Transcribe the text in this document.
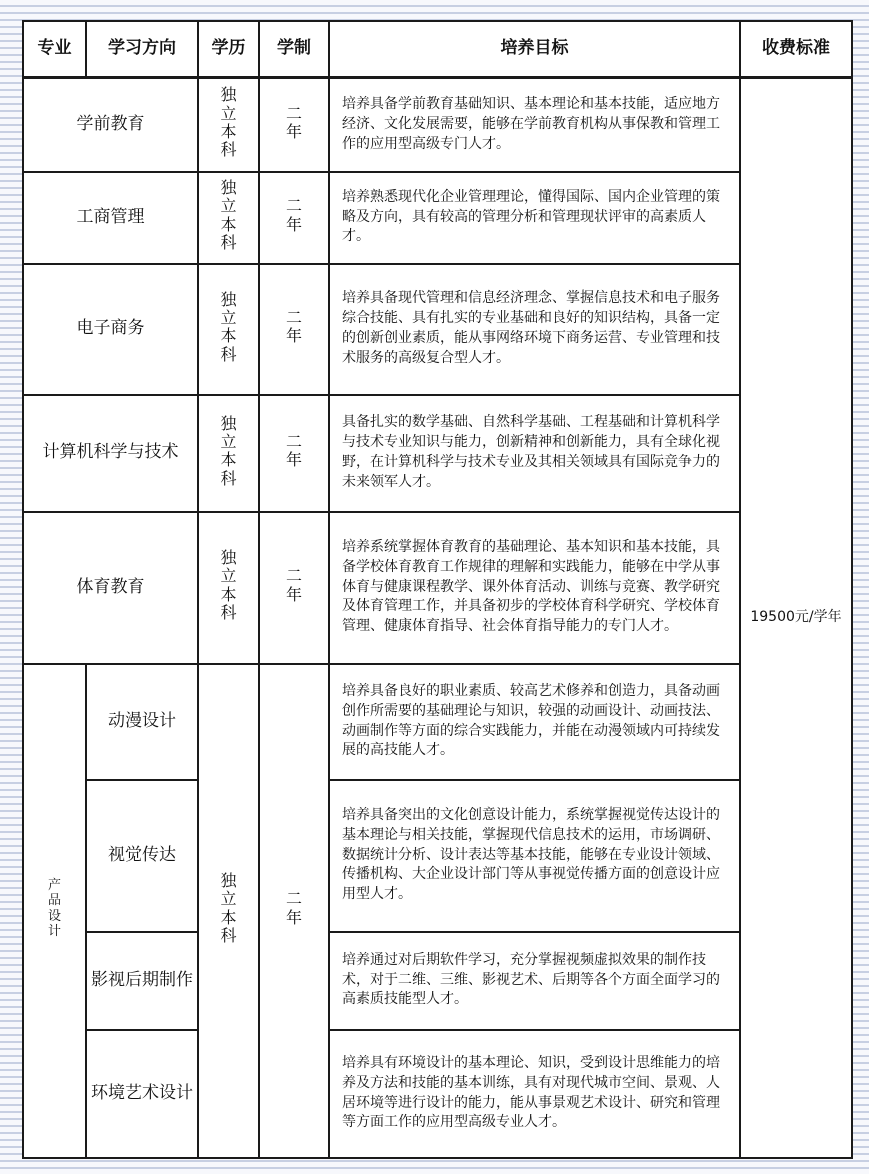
专业	学习方向	学历	学制	培养目标	收费标准
学前教育		独立本科	二年	培养具备学前教育基础知识、基本理论和基本技能，适应地方经济、文化发展需要，能够在学前教育机构从事保教和管理工作的应用型高级专门人才。	19500元/学年
工商管理		独立本科	二年	培养熟悉现代化企业管理理论，懂得国际、国内企业管理的策略及方向，具有较高的管理分析和管理现状评审的高素质人才。	
电子商务		独立本科	二年	培养具备现代管理和信息经济理念、掌握信息技术和电子服务综合技能、具有扎实的专业基础和良好的知识结构，具备一定的创新创业素质，能从事网络环境下商务运营、专业管理和技术服务的高级复合型人才。	
计算机科学与技术		独立本科	二年	具备扎实的数学基础、自然科学基础、工程基础和计算机科学与技术专业知识与能力，创新精神和创新能力，具有全球化视野，在计算机科学与技术专业及其相关领域具有国际竞争力的未来领军人才。	
体育教育		独立本科	二年	培养系统掌握体育教育的基础理论、基本知识和基本技能，具备学校体育教育工作规律的理解和实践能力，能够在中学从事体育与健康课程教学、课外体育活动、训练与竞赛、教学研究及体育管理工作，并具备初步的学校体育科学研究、学校体育管理、健康体育指导、社会体育指导能力的专门人才。	
产品设计	动漫设计	独立本科	二年	培养具备良好的职业素质、较高艺术修养和创造力，具备动画创作所需要的基础理论与知识，较强的动画设计、动画技法、动画制作等方面的综合实践能力，并能在动漫领域内可持续发展的高技能人才。	
	视觉传达			培养具备突出的文化创意设计能力，系统掌握视觉传达设计的基本理论与相关技能，掌握现代信息技术的运用，市场调研、数据统计分析、设计表达等基本技能，能够在专业设计领域、传播机构、大企业设计部门等从事视觉传播方面的创意设计应用型人才。	
	影视后期制作			培养通过对后期软件学习，充分掌握视频虚拟效果的制作技术，对于二维、三维、影视艺术、后期等各个方面全面学习的高素质技能型人才。	
	环境艺术设计			培养具有环境设计的基本理论、知识，受到设计思维能力的培养及方法和技能的基本训练，具有对现代城市空间、景观、人居环境等进行设计的能力，能从事景观艺术设计、研究和管理等方面工作的应用型高级专业人才。	
